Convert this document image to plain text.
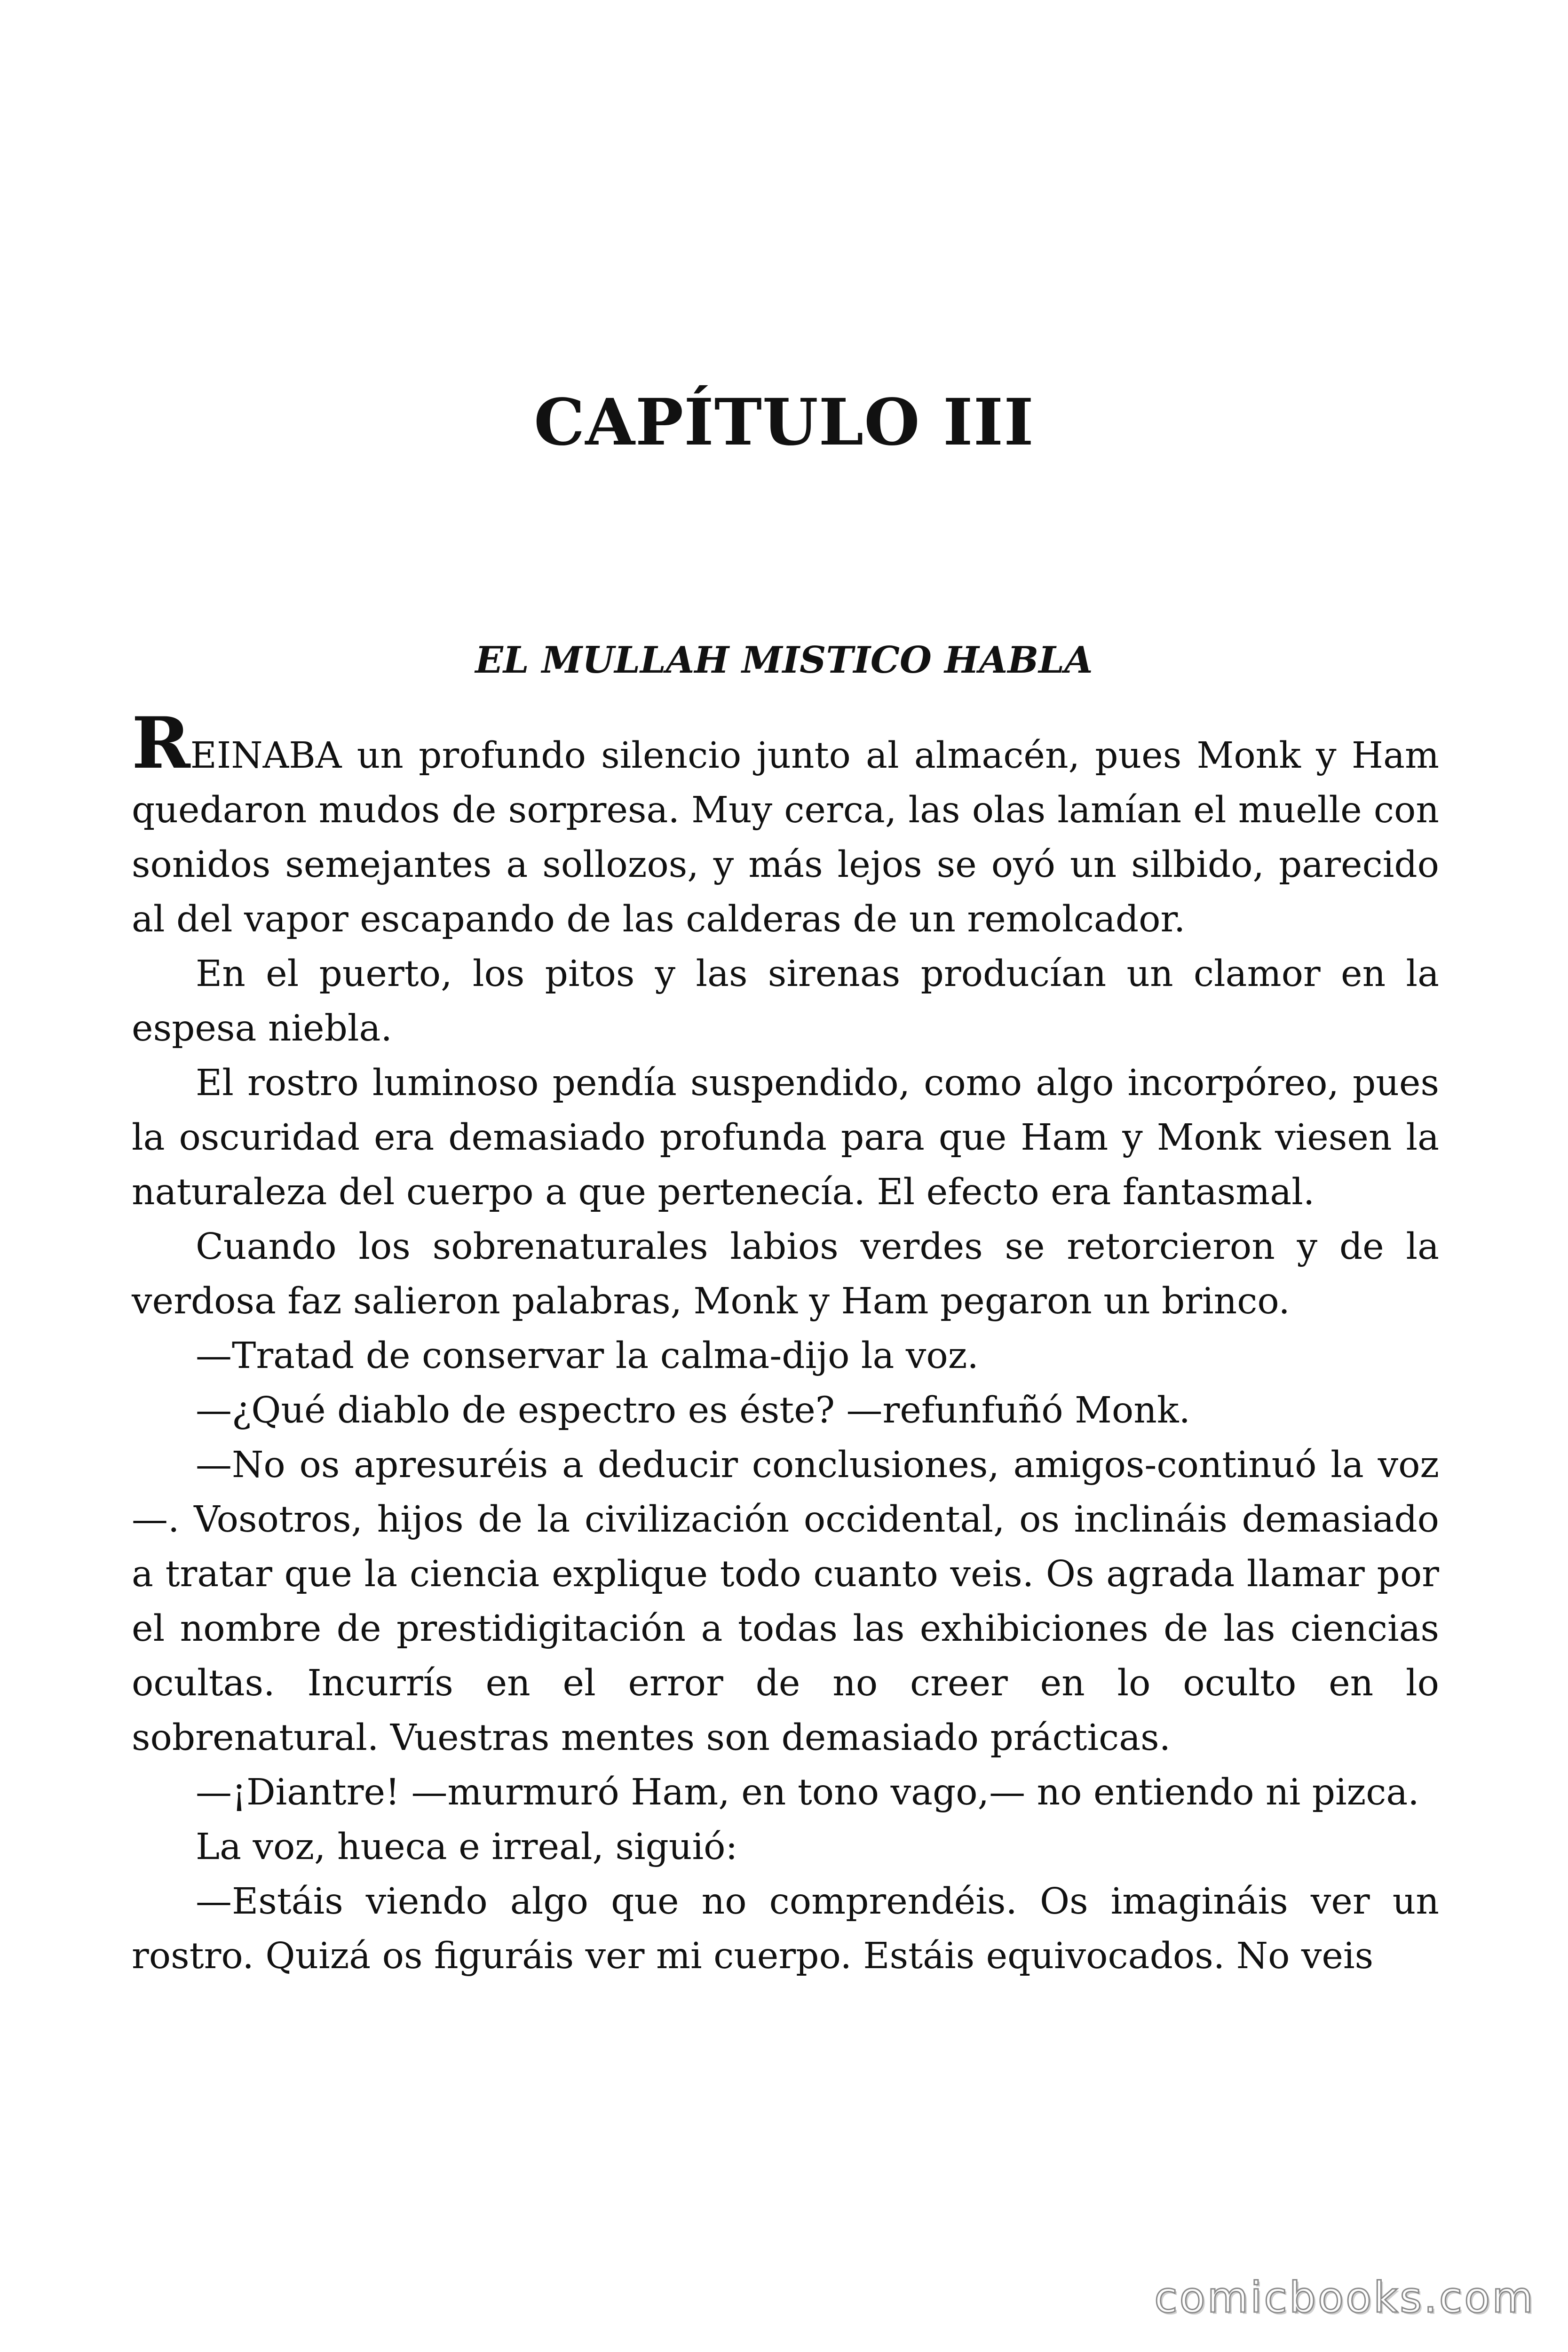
CAPÍTULO III
EL MULLAH MISTICO HABLA

REINABA un profundo silencio junto al almacén, pues Monk y Ham quedaron mudos de sorpresa. Muy cerca, las olas lamían el muelle con sonidos semejantes a sollozos, y más lejos se oyó un silbido, parecido al del vapor escapando de las calderas de un remolcador.

En el puerto, los pitos y las sirenas producían un clamor en la espesa niebla.

El rostro luminoso pendía suspendido, como algo incorpóreo, pues la oscuridad era demasiado profunda para que Ham y Monk viesen la naturaleza del cuerpo a que pertenecía. El efecto era fantasmal.

Cuando los sobrenaturales labios verdes se retorcieron y de la verdosa faz salieron palabras, Monk y Ham pegaron un brinco.

—Tratad de conservar la calma-dijo la voz.

—¿Qué diablo de espectro es éste? —refunfuñó Monk.

—No os apresuréis a deducir conclusiones, amigos-continuó la voz —. Vosotros, hijos de la civilización occidental, os inclináis demasiado a tratar que la ciencia explique todo cuanto veis. Os agrada llamar por el nombre de prestidigitación a todas las exhibiciones de las ciencias ocultas. Incurrís en el error de no creer en lo oculto en lo sobrenatural. Vuestras mentes son demasiado prácticas.

—¡Diantre! —murmuró Ham, en tono vago,— no entiendo ni pizca.

La voz, hueca e irreal, siguió:

—Estáis viendo algo que no comprendéis. Os imagináis ver un rostro. Quizá os figuráis ver mi cuerpo. Estáis equivocados. No veis

comicbooks.com
